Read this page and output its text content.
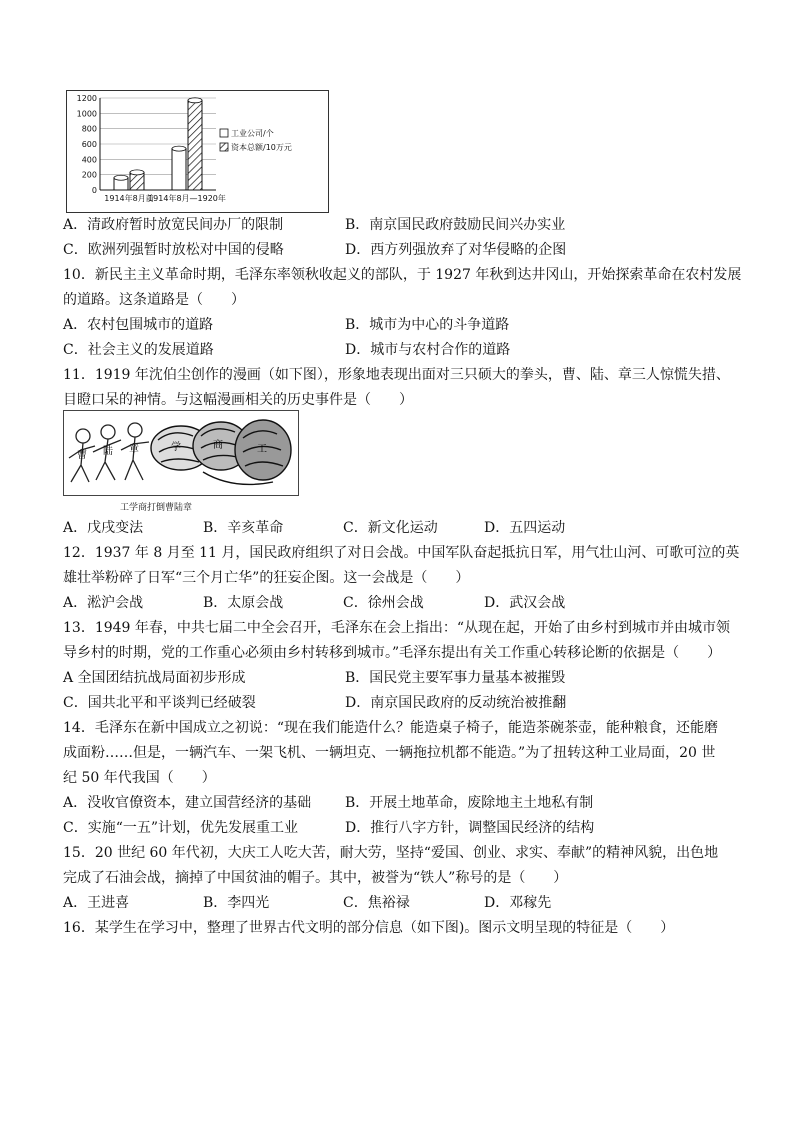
工业公司/个
资本总额/10万元
0
200
400
600
800
1000
1200
1914年8月前
1914年8月—1920年
A．清政府暂时放宽民间办厂的限制	B．南京国民政府鼓励民间兴办实业
C．欧洲列强暂时放松对中国的侵略	D．西方列强放弃了对华侵略的企图
10．新民主主义革命时期，毛泽东率领秋收起义的部队，于 1927 年秋到达井冈山，开始探索革命在农村发展
的道路。这条道路是（　　）
A．农村包围城市的道路	B．城市为中心的斗争道路
C．社会主义的发展道路	D．城市与农村合作的道路
11．1919 年沈伯尘创作的漫画（如下图），形象地表现出面对三只硕大的拳头，曹、陆、章三人惊慌失措、
目瞪口呆的神情。与这幅漫画相关的历史事件是（　　）
曹 陆 章	学	商	工
工学商打倒曹陆章
A．戊戌变法	B．辛亥革命	C．新文化运动	D．五四运动
12．1937 年 8 月至 11 月，国民政府组织了对日会战。中国军队奋起抵抗日军，用气壮山河、可歌可泣的英
雄壮举粉碎了日军“三个月亡华”的狂妄企图。这一会战是（　　）
A．淞沪会战	B．太原会战	C．徐州会战	D．武汉会战
13．1949 年春，中共七届二中全会召开，毛泽东在会上指出：“从现在起，开始了由乡村到城市并由城市领
导乡村的时期，党的工作重心必须由乡村转移到城市。”毛泽东提出有关工作重心转移论断的依据是（　　）
A 全国团结抗战局面初步形成	B．国民党主要军事力量基本被摧毁
C．国共北平和平谈判已经破裂	D．南京国民政府的反动统治被推翻
14．毛泽东在新中国成立之初说：“现在我们能造什么？能造桌子椅子，能造茶碗茶壶，能种粮食，还能磨
成面粉……但是，一辆汽车、一架飞机、一辆坦克、一辆拖拉机都不能造。”为了扭转这种工业局面，20 世
纪 50 年代我国（　　）
A．没收官僚资本，建立国营经济的基础 B．开展土地革命，废除地主土地私有制
C．实施“一五”计划，优先发展重工业	D．推行八字方针，调整国民经济的结构
15．20 世纪 60 年代初，大庆工人吃大苦，耐大劳，坚持“爱国、创业、求实、奉献”的精神风貌，出色地
完成了石油会战，摘掉了中国贫油的帽子。其中，被誉为“铁人”称号的是（　　）
A．王进喜	B．李四光	C．焦裕禄	D．邓稼先
16．某学生在学习中，整理了世界古代文明的部分信息（如下图)。图示文明呈现的特征是（　　）
